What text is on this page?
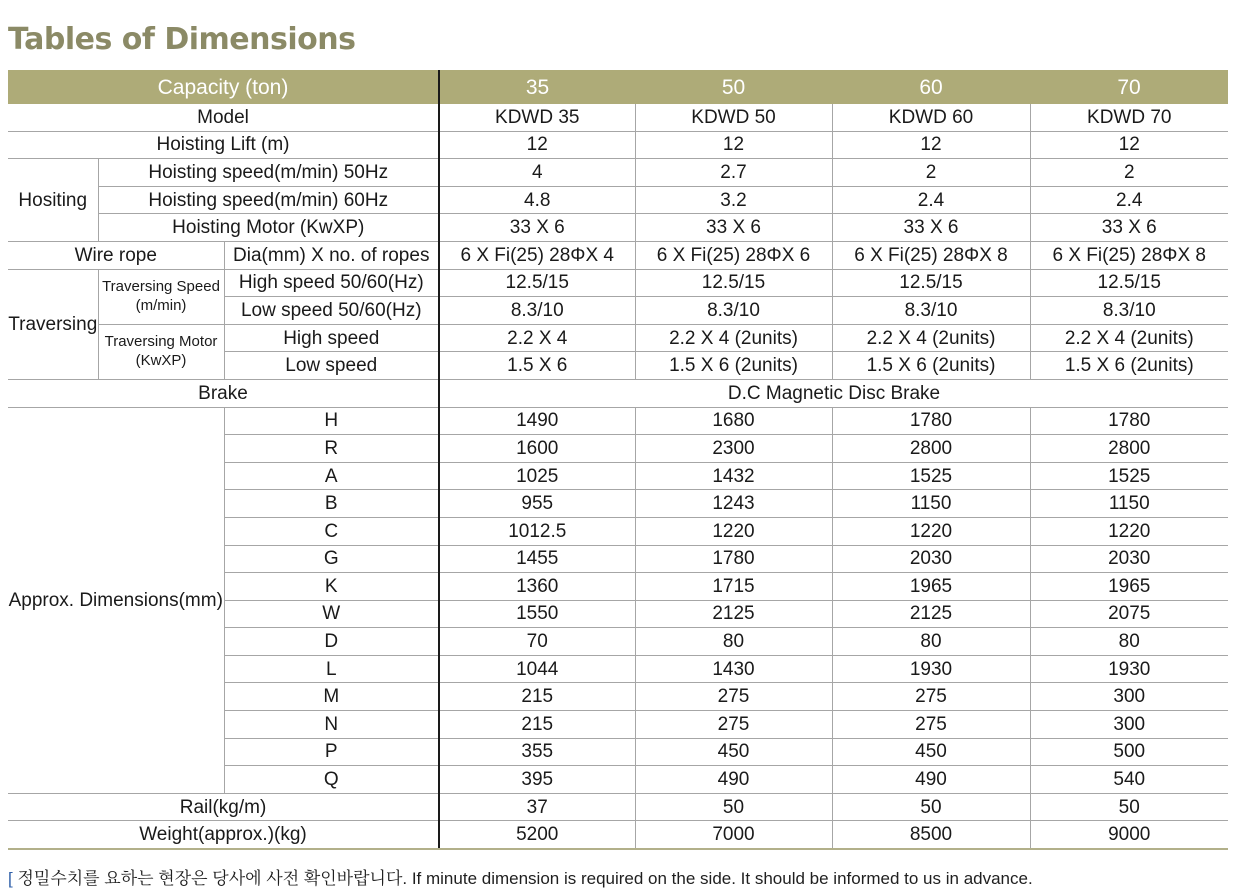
Tables of Dimensions
Capacity (ton)			35	50	60	70
Model			KDWD 35	KDWD 50	KDWD 60	KDWD 70
Hoisting Lift (m)			12	12	12	12
Hositing	Hoisting speed(m/min) 50Hz		4	2.7	2	2
	Hoisting speed(m/min) 60Hz		4.8	3.2	2.4	2.4
	Hoisting Motor (KwXP)		33 X 6	33 X 6	33 X 6	33 X 6
Wire rope		Dia(mm) X no. of ropes	6 X Fi(25) 28ΦX 4	6 X Fi(25) 28ΦX 6	6 X Fi(25) 28ΦX 8	6 X Fi(25) 28ΦX 8
Traversing	Traversing Speed (m/min)	High speed 50/60(Hz)	12.5/15	12.5/15	12.5/15	12.5/15
		Low speed 50/60(Hz)	8.3/10	8.3/10	8.3/10	8.3/10
	Traversing Motor (KwXP)	High speed	2.2 X 4	2.2 X 4 (2units)	2.2 X 4 (2units)	2.2 X 4 (2units)
		Low speed	1.5 X 6	1.5 X 6 (2units)	1.5 X 6 (2units)	1.5 X 6 (2units)
Brake			D.C Magnetic Disc Brake			
Approx. Dimensions(mm)		H	1490	1680	1780	1780
		R	1600	2300	2800	2800
		A	1025	1432	1525	1525
		B	955	1243	1150	1150
		C	1012.5	1220	1220	1220
		G	1455	1780	2030	2030
		K	1360	1715	1965	1965
		W	1550	2125	2125	2075
		D	70	80	80	80
		L	1044	1430	1930	1930
		M	215	275	275	300
		N	215	275	275	300
		P	355	450	450	500
		Q	395	490	490	540
Rail(kg/m)			37	50	50	50
Weight(approx.)(kg)			5200	7000	8500	9000
[ 정밀수치를 요하는 현장은 당사에 사전 확인바랍니다. If minute dimension is required on the side. It should be informed to us in advance.
